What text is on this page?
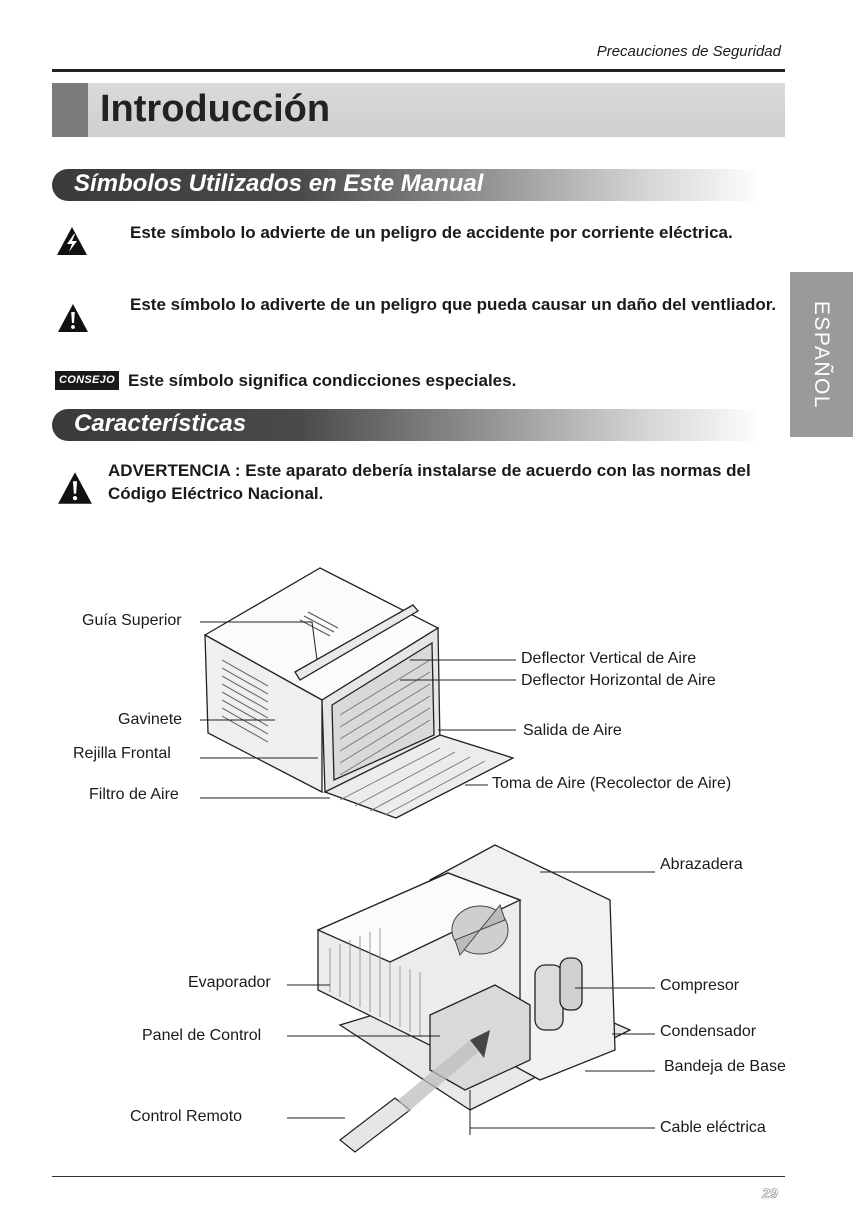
Precauciones de Seguridad
Introducción
ESPAÑOL
Símbolos Utilizados en Este Manual
Este símbolo lo advierte de un peligro de accidente por corriente eléctrica.
Este símbolo lo adiverte de un peligro que pueda causar un daño del ventliador.
CONSEJO Este símbolo significa condicciones especiales.
Características
ADVERTENCIA : Este aparato debería instalarse de acuerdo con las normas del Código Eléctrico Nacional.
Guía Superior
Gavinete
Rejilla Frontal
Filtro de Aire
Deflector Vertical de Aire
Deflector Horizontal de Aire
Salida de Aire
Toma de Aire (Recolector de Aire)
Abrazadera
Evaporador	Compresor
Panel de Control	Condensador
Bandeja de Base
Control Remoto
Cable eléctrica
29
